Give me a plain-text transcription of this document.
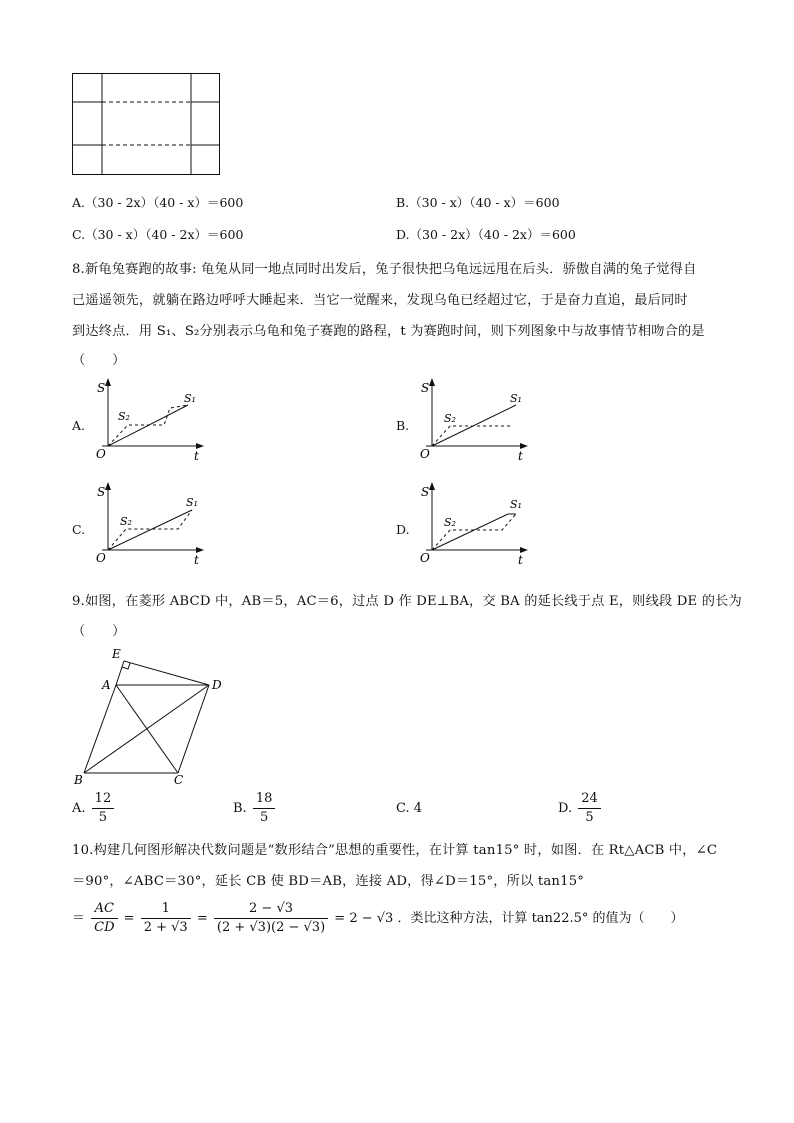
A.（30 - 2x）（40 - x）＝600	B.（30 - x）（40 - x）＝600
C.（30 - x）（40 - 2x）＝600	D.（30 - 2x）（40 - 2x）＝600
8.新龟兔赛跑的故事: 龟兔从同一地点同时出发后，兔子很快把乌龟远远甩在后头．骄傲自满的兔子觉得自
己遥遥领先，就躺在路边呼呼大睡起来．当它一觉醒来，发现乌龟已经超过它，于是奋力直追，最后同时
到达终点．用 S₁、S₂分别表示乌龟和兔子赛跑的路程，t 为赛跑时间，则下列图象中与故事情节相吻合的是
（　　）
A.	B.
C.	D.
S
t
O
S₁
S₂
S
t
O
S₁
S₂
S
t
O
S₁
S₂
S
t
O
S₁
S₂
9.如图，在菱形 ABCD 中，AB＝5，AC＝6，过点 D 作 DE⊥BA，交 BA 的延长线于点 E，则线段 DE 的长为
（　　）
E
A	D
B	C
A. $\frac{12}{5}$	B. $\frac{18}{5}$	C. 4	D. $\frac{24}{5}$
10.构建几何图形解决代数问题是“数形结合”思想的重要性，在计算 tan15° 时，如图．在 Rt△ACB 中，∠C
＝90°，∠ABC＝30°，延长 CB 使 BD＝AB，连接 AD，得∠D＝15°，所以 tan15°
＝ $\frac{AC}{CD} = \frac{1}{2 + √3} = \frac{2 - √3}{(2 + √3)(2 - √3)} = 2 - √3$ ．类比这种方法，计算 tan22.5° 的值为（　　）
